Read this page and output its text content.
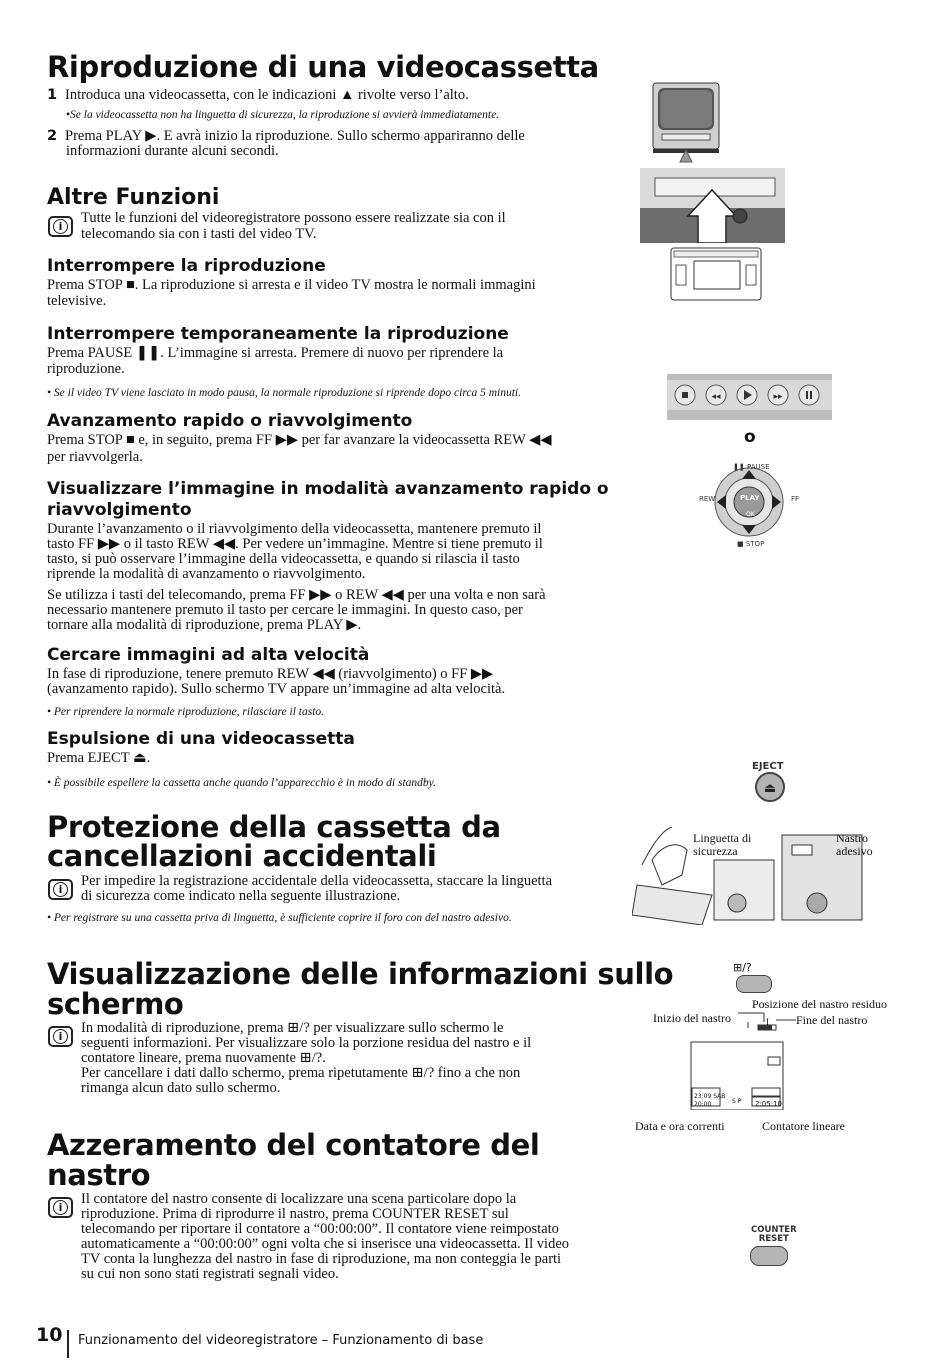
Riproduzione di una videocassetta
1 Introduca una videocassetta, con le indicazioni ▲ rivolte verso l’alto.
•Se la videocassetta non ha linguetta di sicurezza, la riproduzione si avvierà immediatamente.
2 Prema PLAY ▶. E avrà inizio la riproduzione. Sullo schermo appariranno delle
informazioni durante alcuni secondi.
Altre Funzioni
i
Tutte le funzioni del videoregistratore possono essere realizzate sia con il
telecomando sia con i tasti del video TV.
Interrompere la riproduzione
Prema STOP ■. La riproduzione si arresta e il video TV mostra le normali immagini
televisive.
Interrompere temporaneamente la riproduzione
Prema PAUSE ❚❚. L’immagine si arresta. Premere di nuovo per riprendere la
riproduzione.
• Se il video TV viene lasciato in modo pausa, la normale riproduzione si riprende dopo circa 5 minuti.
Avanzamento rapido o riavvolgimento
Prema STOP ■ e, in seguito, prema FF ▶▶ per far avanzare la videocassetta REW ◀◀
per riavvolgerla.
Visualizzare l’immagine in modalità avanzamento rapido o
riavvolgimento
Durante l’avanzamento o il riavvolgimento della videocassetta, mantenere premuto il
tasto FF ▶▶ o il tasto REW ◀◀. Per vedere un’immagine. Mentre si tiene premuto il
tasto, si può osservare l’immagine della videocassetta, e quando si rilascia il tasto
riprende la modalità di avanzamento o riavvolgimento.
Se utilizza i tasti del telecomando, prema FF ▶▶ o REW ◀◀ per una volta e non sarà
necessario mantenere premuto il tasto per cercare le immagini. In questo caso, per
tornare alla modalità di riproduzione, prema PLAY ▶.
Cercare immagini ad alta velocità
In fase di riproduzione, tenere premuto REW ◀◀ (riavvolgimento) o FF ▶▶
(avanzamento rapido). Sullo schermo TV appare un’immagine ad alta velocità.
• Per riprendere la normale riproduzione, rilasciare il tasto.
Espulsione di una videocassetta
Prema EJECT ⏏.
• È possibile espellere la cassetta anche quando l’apparecchio è in modo di standby.
Protezione della cassetta da
cancellazioni accidentali
i
Per impedire la registrazione accidentale della videocassetta, staccare la linguetta
di sicurezza come indicato nella seguente illustrazione.
• Per registrare su una cassetta priva di linguetta, è sufficiente coprire il foro con del nastro adesivo.
Visualizzazione delle informazioni sullo
schermo
i
In modalità di riproduzione, prema ⊞/? per visualizzare sullo schermo le
seguenti informazioni. Per visualizzare solo la porzione residua del nastro e il
contatore lineare, prema nuovamente ⊞/?.
Per cancellare i dati dallo schermo, prema ripetutamente ⊞/? fino a che non
rimanga alcun dato sullo schermo.
Azzeramento del contatore del
nastro
i
Il contatore del nastro consente di localizzare una scena particolare dopo la
riproduzione. Prima di riprodurre il nastro, prema COUNTER RESET sul
telecomando per riportare il contatore a “00:00:00”. Il contatore viene reimpostato
automaticamente a “00:00:00” ogni volta che si inserisce una videocassetta. Il video
TV conta la lunghezza del nastro in fase di riproduzione, ma non conteggia le parti
su cui non sono stati registrati segnali video.
◂◂	▸▸
o
❚❚ PAUSE
PLAY
OK
REW	FF
■ STOP
EJECT
⏏
Linguetta di
sicurezza
Nastro
adesivo
⊞/?
Posizione del nastro residuo
Inizio del nastro	Fine del nastro
I
23:09 SAB
20:00	S P 2:05:10
Data e ora correnti	Contatore lineare
COUNTER
RESET
10 Funzionamento del videoregistratore – Funzionamento di base
